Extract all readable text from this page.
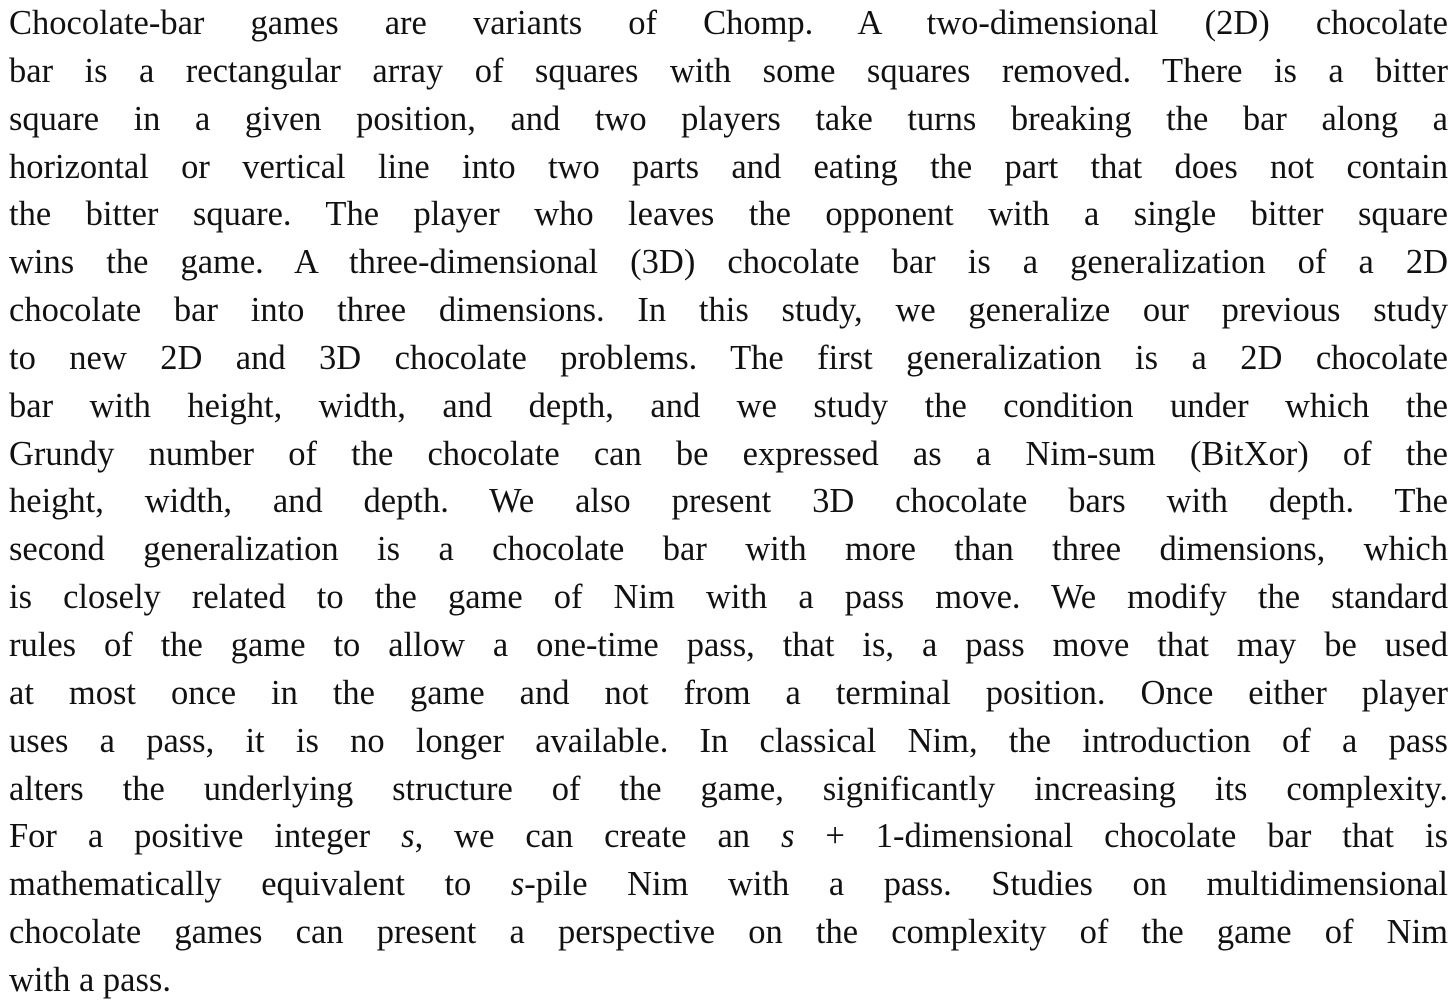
Chocolate-bar games are variants of Chomp. A two-dimensional (2D) chocolate
bar is a rectangular array of squares with some squares removed. There is a bitter
square in a given position, and two players take turns breaking the bar along a
horizontal or vertical line into two parts and eating the part that does not contain
the bitter square. The player who leaves the opponent with a single bitter square
wins the game. A three-dimensional (3D) chocolate bar is a generalization of a 2D
chocolate bar into three dimensions. In this study, we generalize our previous study
to new 2D and 3D chocolate problems. The first generalization is a 2D chocolate
bar with height, width, and depth, and we study the condition under which the
Grundy number of the chocolate can be expressed as a Nim-sum (BitXor) of the
height, width, and depth. We also present 3D chocolate bars with depth. The
second generalization is a chocolate bar with more than three dimensions, which
is closely related to the game of Nim with a pass move. We modify the standard
rules of the game to allow a one-time pass, that is, a pass move that may be used
at most once in the game and not from a terminal position. Once either player
uses a pass, it is no longer available. In classical Nim, the introduction of a pass
alters the underlying structure of the game, significantly increasing its complexity.
For a positive integer s, we can create an s + 1-dimensional chocolate bar that is
mathematically equivalent to s-pile Nim with a pass. Studies on multidimensional
chocolate games can present a perspective on the complexity of the game of Nim
with a pass.
